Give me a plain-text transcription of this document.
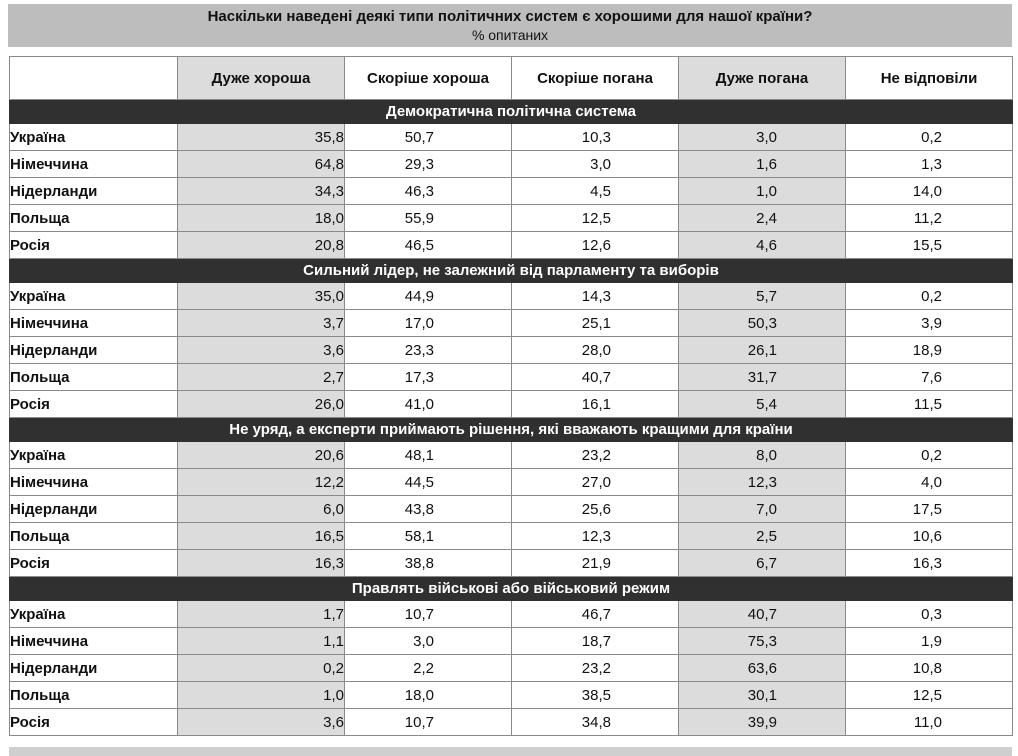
Наскільки наведені деякі типи політичних систем є хорошими для нашої країни?
% опитаних
	Дуже хороша	Скоріше хороша	Скоріше погана	Дуже погана	Не відповіли
Демократична політична система					
Україна	35,8	50,7	10,3	3,0	0,2
Німеччина	64,8	29,3	3,0	1,6	1,3
Нідерланди	34,3	46,3	4,5	1,0	14,0
Польща	18,0	55,9	12,5	2,4	11,2
Росія	20,8	46,5	12,6	4,6	15,5
Сильний лідер, не залежний від парламенту та виборів					
Україна	35,0	44,9	14,3	5,7	0,2
Німеччина	3,7	17,0	25,1	50,3	3,9
Нідерланди	3,6	23,3	28,0	26,1	18,9
Польща	2,7	17,3	40,7	31,7	7,6
Росія	26,0	41,0	16,1	5,4	11,5
Не уряд, а експерти приймають рішення, які вважають кращими для країни					
Україна	20,6	48,1	23,2	8,0	0,2
Німеччина	12,2	44,5	27,0	12,3	4,0
Нідерланди	6,0	43,8	25,6	7,0	17,5
Польща	16,5	58,1	12,3	2,5	10,6
Росія	16,3	38,8	21,9	6,7	16,3
Правлять військові або військовий режим					
Україна	1,7	10,7	46,7	40,7	0,3
Німеччина	1,1	3,0	18,7	75,3	1,9
Нідерланди	0,2	2,2	23,2	63,6	10,8
Польща	1,0	18,0	38,5	30,1	12,5
Росія	3,6	10,7	34,8	39,9	11,0
